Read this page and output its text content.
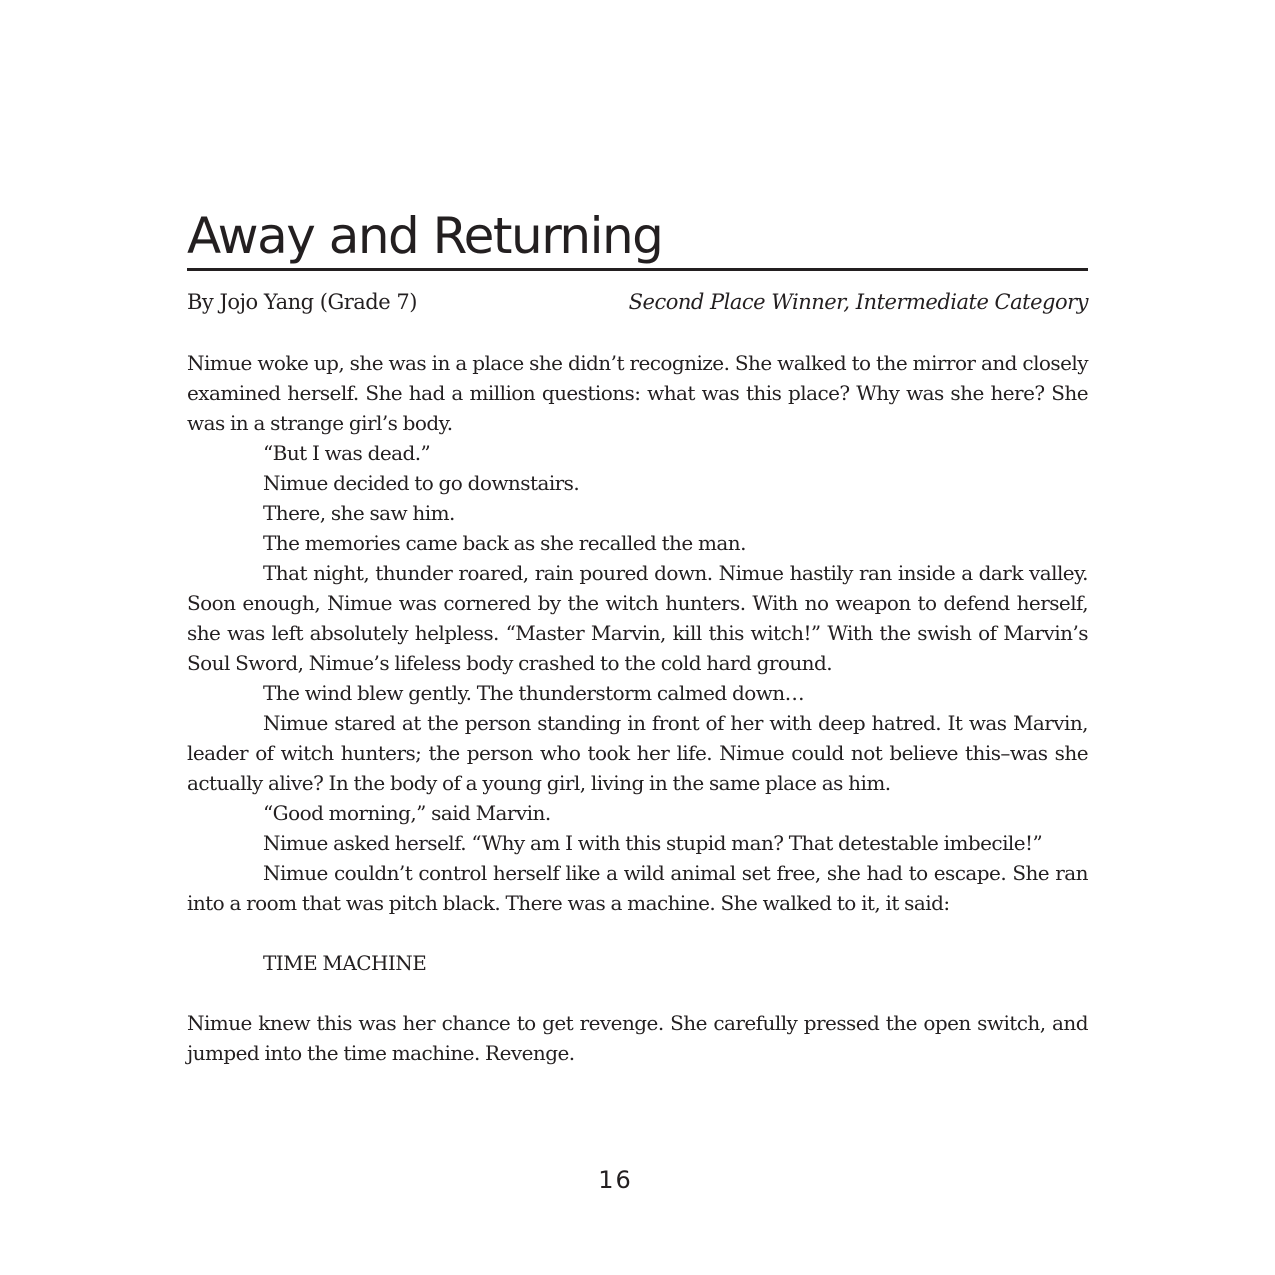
Away and Returning
By Jojo Yang (Grade 7)	Second Place Winner, Intermediate Category

Nimue woke up, she was in a place she didn’t recognize. She walked to the mirror and closely examined herself. She had a million questions: what was this place? Why was she here? She was in a strange girl’s body.

“But I was dead.”

Nimue decided to go downstairs.

There, she saw him.

The memories came back as she recalled the man.

That night, thunder roared, rain poured down. Nimue hastily ran inside a dark valley. Soon enough, Nimue was cornered by the witch hunters. With no weapon to defend herself, she was left absolutely helpless. “Master Marvin, kill this witch!” With the swish of Marvin’s Soul Sword, Nimue’s lifeless body crashed to the cold hard ground.

The wind blew gently. The thunderstorm calmed down…

Nimue stared at the person standing in front of her with deep hatred. It was Marvin, leader of witch hunters; the person who took her life. Nimue could not believe this–was she actually alive? In the body of a young girl, living in the same place as him.

“Good morning,” said Marvin.

Nimue asked herself. “Why am I with this stupid man? That detestable imbecile!”

Nimue couldn’t control herself like a wild animal set free, she had to escape. She ran into a room that was pitch black. There was a machine. She walked to it, it said:

TIME MACHINE

Nimue knew this was her chance to get revenge. She carefully pressed the open switch, and jumped into the time machine. Revenge.

16
